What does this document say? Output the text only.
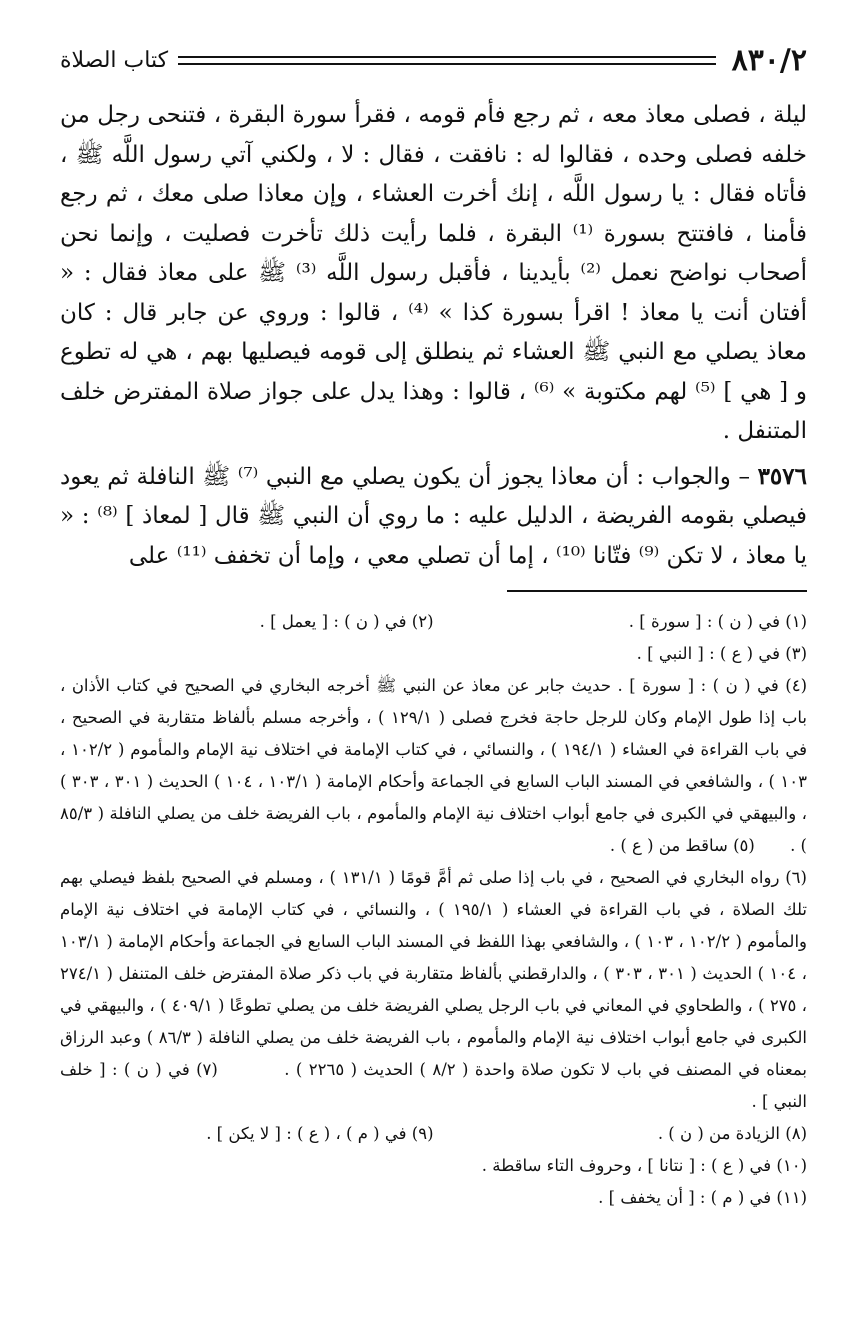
٨٣٠/٢
كتاب الصلاة

ليلة ، فصلى معاذ معه ، ثم رجع فأم قومه ، فقرأ سورة البقرة ، فتنحى رجل من خلفه فصلى وحده ، فقالوا له : نافقت ، فقال : لا ، ولكني آتي رسول اللَّه ﷺ ، فأتاه فقال : يا رسول اللَّه ، إنك أخرت العشاء ، وإن معاذا صلى معك ، ثم رجع فأمنا ، فافتتح بسورة ⁽¹⁾ البقرة ، فلما رأيت ذلك تأخرت فصليت ، وإنما نحن أصحاب نواضح نعمل ⁽²⁾ بأيدينا ، فأقبل رسول اللَّه ⁽³⁾ ﷺ على معاذ فقال : « أفتان أنت يا معاذ ! اقرأ بسورة كذا » ⁽⁴⁾ ، قالوا : وروي عن جابر قال : كان معاذ يصلي مع النبي ﷺ العشاء ثم ينطلق إلى قومه فيصليها بهم ، هي له تطوع و [ هي ] ⁽⁵⁾ لهم مكتوبة » ⁽⁶⁾ ، قالوا : وهذا يدل على جواز صلاة المفترض خلف المتنفل .

٣٥٧٦ – والجواب : أن معاذا يجوز أن يكون يصلي مع النبي ⁽⁷⁾ ﷺ النافلة ثم يعود فيصلي بقومه الفريضة ، الدليل عليه : ما روي أن النبي ﷺ قال [ لمعاذ ] ⁽⁸⁾ : « يا معاذ ، لا تكن ⁽⁹⁾ فتّانا ⁽¹⁰⁾ ، إما أن تصلي معي ، وإما أن تخفف ⁽¹¹⁾ على

(١) في ( ن ) : [ سورة ] .
(٢) في ( ن ) : [ يعمل ] .
(٣) في ( ع ) : [ النبي ] .
(٤) في ( ن ) : [ سورة ] . حديث جابر عن معاذ عن النبي ﷺ أخرجه البخاري في الصحيح في كتاب الأذان ، باب إذا طول الإمام وكان للرجل حاجة فخرج فصلى ( ١٢٩/١ ) ، وأخرجه مسلم بألفاظ متقاربة في الصحيح ، في باب القراءة في العشاء ( ١٩٤/١ ) ، والنسائي ، في كتاب الإمامة في اختلاف نية الإمام والمأموم ( ١٠٢/٢ ، ١٠٣ ) ، والشافعي في المسند الباب السابع في الجماعة وأحكام الإمامة ( ١٠٣/١ ، ١٠٤ ) الحديث ( ٣٠١ ، ٣٠٣ ) ، والبيهقي في الكبرى في جامع أبواب اختلاف نية الإمام والمأموم ، باب الفريضة خلف من يصلي النافلة ( ٨٥/٣ ) . (٥) ساقط من ( ع ) .
(٦) رواه البخاري في الصحيح ، في باب إذا صلى ثم أمَّ قومًا ( ١٣١/١ ) ، ومسلم في الصحيح بلفظ فيصلي بهم تلك الصلاة ، في باب القراءة في العشاء ( ١٩٥/١ ) ، والنسائي ، في كتاب الإمامة في اختلاف نية الإمام والمأموم ( ١٠٢/٢ ، ١٠٣ ) ، والشافعي بهذا اللفظ في المسند الباب السابع في الجماعة وأحكام الإمامة ( ١٠٣/١ ، ١٠٤ ) الحديث ( ٣٠١ ، ٣٠٣ ) ، والدارقطني بألفاظ متقاربة في باب ذكر صلاة المفترض خلف المتنفل ( ٢٧٤/١ ، ٢٧٥ ) ، والطحاوي في المعاني في باب الرجل يصلي الفريضة خلف من يصلي تطوعًا ( ٤٠٩/١ ) ، والبيهقي في الكبرى في جامع أبواب اختلاف نية الإمام والمأموم ، باب الفريضة خلف من يصلي النافلة ( ٨٦/٣ ) وعبد الرزاق بمعناه في المصنف في باب لا تكون صلاة واحدة ( ٨/٢ ) الحديث ( ٢٢٦٥ ) . (٧) في ( ن ) : [ خلف النبي ] .
(٨) الزيادة من ( ن ) .
(٩) في ( م ) ، ( ع ) : [ لا يكن ] .
(١٠) في ( ع ) : [ نتانا ] ، وحروف التاء ساقطة .
(١١) في ( م ) : [ أن يخفف ] .
